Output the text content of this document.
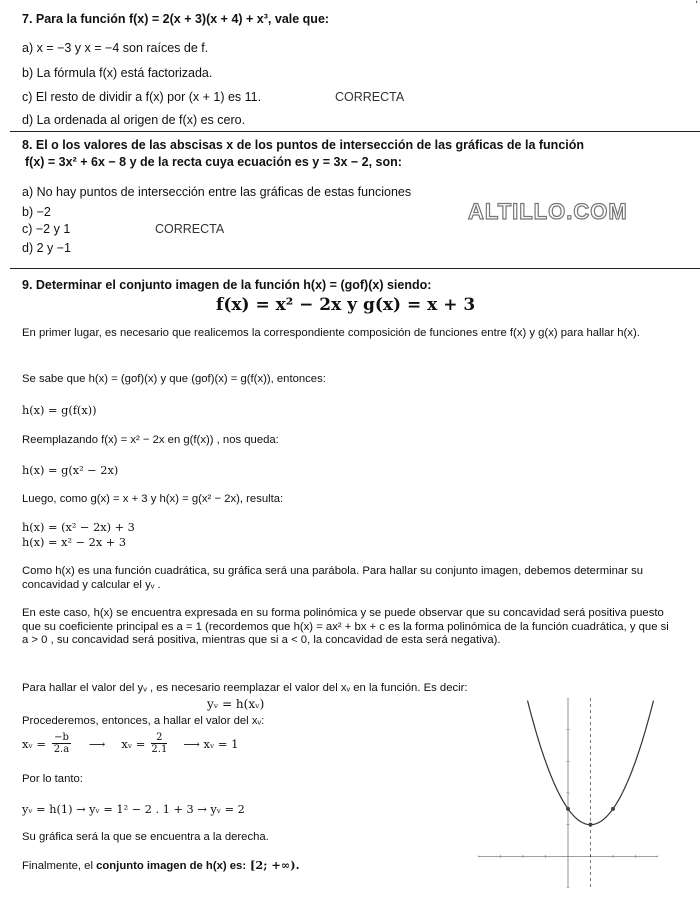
7. Para la función f(x) = 2(x + 3)(x + 4) + x³, vale que:
a) x = −3 y x = −4 son raíces de f.
b) La fórmula f(x) está factorizada.
c) El resto de dividir a f(x) por (x + 1) es 11.	CORRECTA
d) La ordenada al origen de f(x) es cero.
8. El o los valores de las abscisas x de los puntos de intersección de las gráficas de la función
f(x) = 3x² + 6x − 8 y de la recta cuya ecuación es y = 3x − 2, son:
a) No hay puntos de intersección entre las gráficas de estas funciones
b) −2
c) −2 y 1	CORRECTA
d) 2 y −1
ALTILLO.COM
9. Determinar el conjunto imagen de la función h(x) = (gof)(x) siendo:
f(x) = x² − 2x y g(x) = x + 3
En primer lugar, es necesario que realicemos la correspondiente composición de funciones entre f(x) y g(x) para hallar h(x).
Se sabe que h(x) = (gof)(x) y que (gof)(x) = g(f(x)), entonces:
h(x) = g(f(x))
Reemplazando f(x) = x² − 2x en g(f(x)) , nos queda:
h(x) = g(x² − 2x)
Luego, como g(x) = x + 3 y h(x) = g(x² − 2x), resulta:
h(x) = (x² − 2x) + 3
h(x) = x² − 2x + 3
Como h(x) es una función cuadrática, su gráfica será una parábola. Para hallar su conjunto imagen, debemos determinar su concavidad y calcular el yᵥ .
En este caso, h(x) se encuentra expresada en su forma polinómica y se puede observar que su concavidad será positiva puesto que su coeficiente principal es a = 1 (recordemos que h(x) = ax² + bx + c es la forma polinómica de la función cuadrática, y que si a > 0 , su concavidad será positiva, mientras que si a < 0, la concavidad de esta será negativa).
Para hallar el valor del yᵥ , es necesario reemplazar el valor del xᵥ en la función. Es decir:
yᵥ = h(xᵥ)
Procederemos, entonces, a hallar el valor del xᵥ:
xᵥ = $\frac{-b}{2.a}$ ⟶ xᵥ = $\frac{2}{2.1}$ ⟶ xᵥ = 1
Por lo tanto:
yᵥ = h(1) → yᵥ = 1² − 2 . 1 + 3 → yᵥ = 2
Su gráfica será la que se encuentra a la derecha.
Finalmente, el conjunto imagen de h(x) es: [2; +∞).
